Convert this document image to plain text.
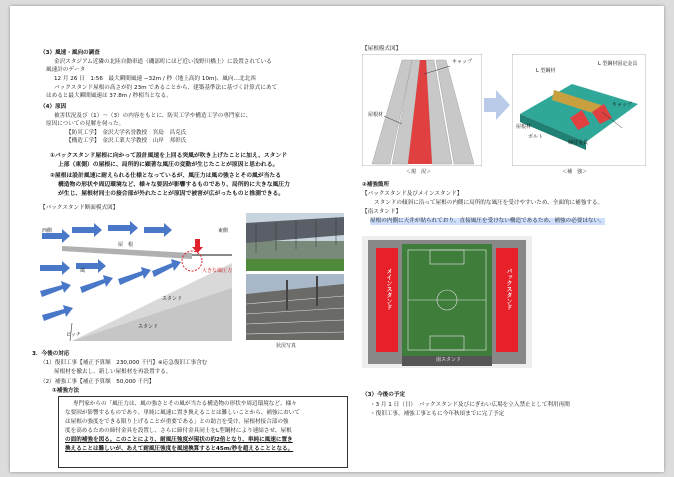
（3）風速・風向の調査
金沢スタジアム近隣の北陸自動車道（磯部町にほど近い浅野川橋上）に設置されている
風速計のデータ
12 月 26 日　1:56　最大瞬間風速 −32m / 秒（地上高約 10m)、風向…北北西
バックスタンド屋根の高さが約 23m であることから、建築基準法に基づく計算式にあて
はめると最大瞬間風速は 37.8m / 秒相当となる。
（4）原因
被害状況及び（1）～（3）の内容をもとに、防災工学や構造工学の専門家に、
原因についての見解を伺った。
【防災工学】　金沢大学名誉教授　宮島　昌克氏
【構造工学】　金沢工業大学教授　山岸　邦彰氏
①バックスタンド屋根に向かって設計風速を上回る突風が吹き上げたことに加え、スタンド
上部（東側）の屋根に、局所的に顕著な風圧の変動が生じたことが原因と思われる。
②屋根は設計風速に耐えられる仕様となっているが、風圧力は風の強さとその風が当たる
構造物の形状や周辺環境など、様々な要因が影響するものであり、局所的に大きな風圧力
が生じ、屋根材同士の接合部が外れたことが原因で被害が広がったものと推測できる。
【バックスタンド断面模式図】
西側	東側
屋　根
風	大きな風圧力
スタンド
スタンド
ピッチ
状況写真
3．今後の対応
（1）復旧工事【補正予算額　230,000 千円】※応急復旧工事含む
屋根材を撤去し、新しい屋根材を再設置する。
（2）補強工事【補正予算額　50,000 千円】
①補強方法
専門家からの「風圧力は、風の強さとその風が当たる構造物の形状や周辺環境など、様々
な要因が影響するものであり、単純に風速に置き換えることは難しいことから、補強において
は屋根の強度をできる限り上げることが重要である」との助言を受け、屋根材接合部の強
度を高めるための締付金具を設置し、さらに締付金具同士をL型鋼材により連結させ、屋根
の面的補強を図る。このことにより、耐風圧強度が現状の約2倍となり、単純に風速に置き
換えることは難しいが、あえて耐風圧強度を風速換算すると45m/秒を超えることとなる。
【屋根模式図】
キャップ
屋根材
＜現　況＞
L 型鋼材
L 型鋼材固定金具
キャップ
屋根材
ボルト
締付金具
＜補　強＞
②補強箇所
【バックスタンド及びメインスタンド】
スタンドの傾斜に沿って屋根の内側に局所的な風圧を受けやすいため、全面的に補強する。
【南スタンド】
屋根の内側に天井が貼られており、直接風圧を受けない構造であるため、補強の必要はない。
メインスタンド	バックスタンド
南スタンド
（3）今後の予定
・3 月 1 日（日）　バックスタンド及びにぎわい広場を立入禁止として利用再開
・復旧工事、補強工事ともに今年秋頃までに完了予定
